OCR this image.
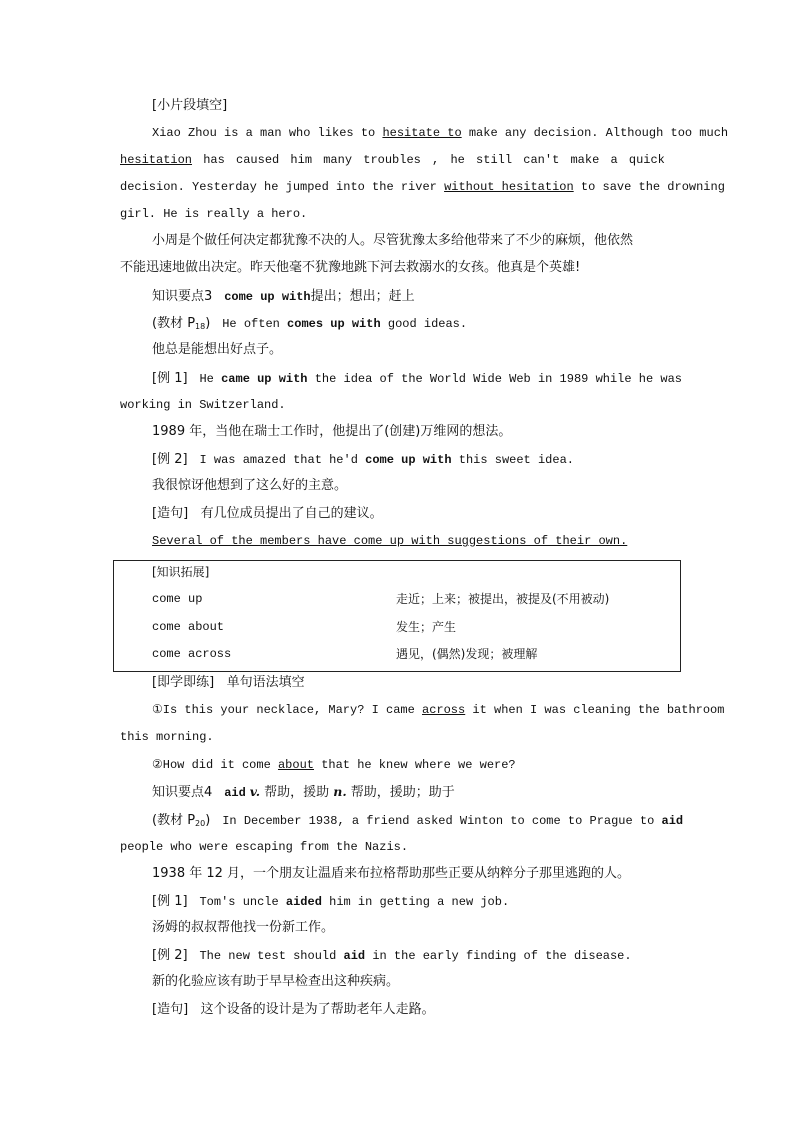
[小片段填空]
Xiao Zhou is a man who likes to hesitate to make any decision. Although too much
hesitation has caused him many troubles , he still can't make a quick
decision. Yesterday he jumped into the river without hesitation to save the drowning
girl. He is really a hero.
小周是个做任何决定都犹豫不决的人。尽管犹豫太多给他带来了不少的麻烦，他依然
不能迅速地做出决定。昨天他毫不犹豫地跳下河去救溺水的女孩。他真是个英雄!
知识要点3 come up with提出；想出；赶上
(教材 $P_{18}$) He often comes up with good ideas.
他总是能想出好点子。
[例 1] He came up with the idea of the World Wide Web in 1989 while he was
working in Switzerland.
1989 年，当他在瑞士工作时，他提出了(创建)万维网的想法。
[例 2] I was amazed that he'd come up with this sweet idea.
我很惊讶他想到了这么好的主意。
[造句] 有几位成员提出了自己的建议。
Several of the members have come up with suggestions of their own.
[知识拓展]
come up	走近；上来；被提出，被提及(不用被动)
come about	发生；产生
come across	遇见，(偶然)发现；被理解
[即学即练] 单句语法填空
①Is this your necklace, Mary? I came across it when I was cleaning the bathroom
this morning.
②How did it come about that he knew where we were?
知识要点4 aid v. 帮助，援助 n. 帮助，援助；助于
(教材 $P_{20}$) In December 1938, a friend asked Winton to come to Prague to aid
people who were escaping from the Nazis.
1938 年 12 月，一个朋友让温盾来布拉格帮助那些正要从纳粹分子那里逃跑的人。
[例 1] Tom's uncle aided him in getting a new job.
汤姆的叔叔帮他找一份新工作。
[例 2] The new test should aid in the early finding of the disease.
新的化验应该有助于早早检查出这种疾病。
[造句] 这个设备的设计是为了帮助老年人走路。
